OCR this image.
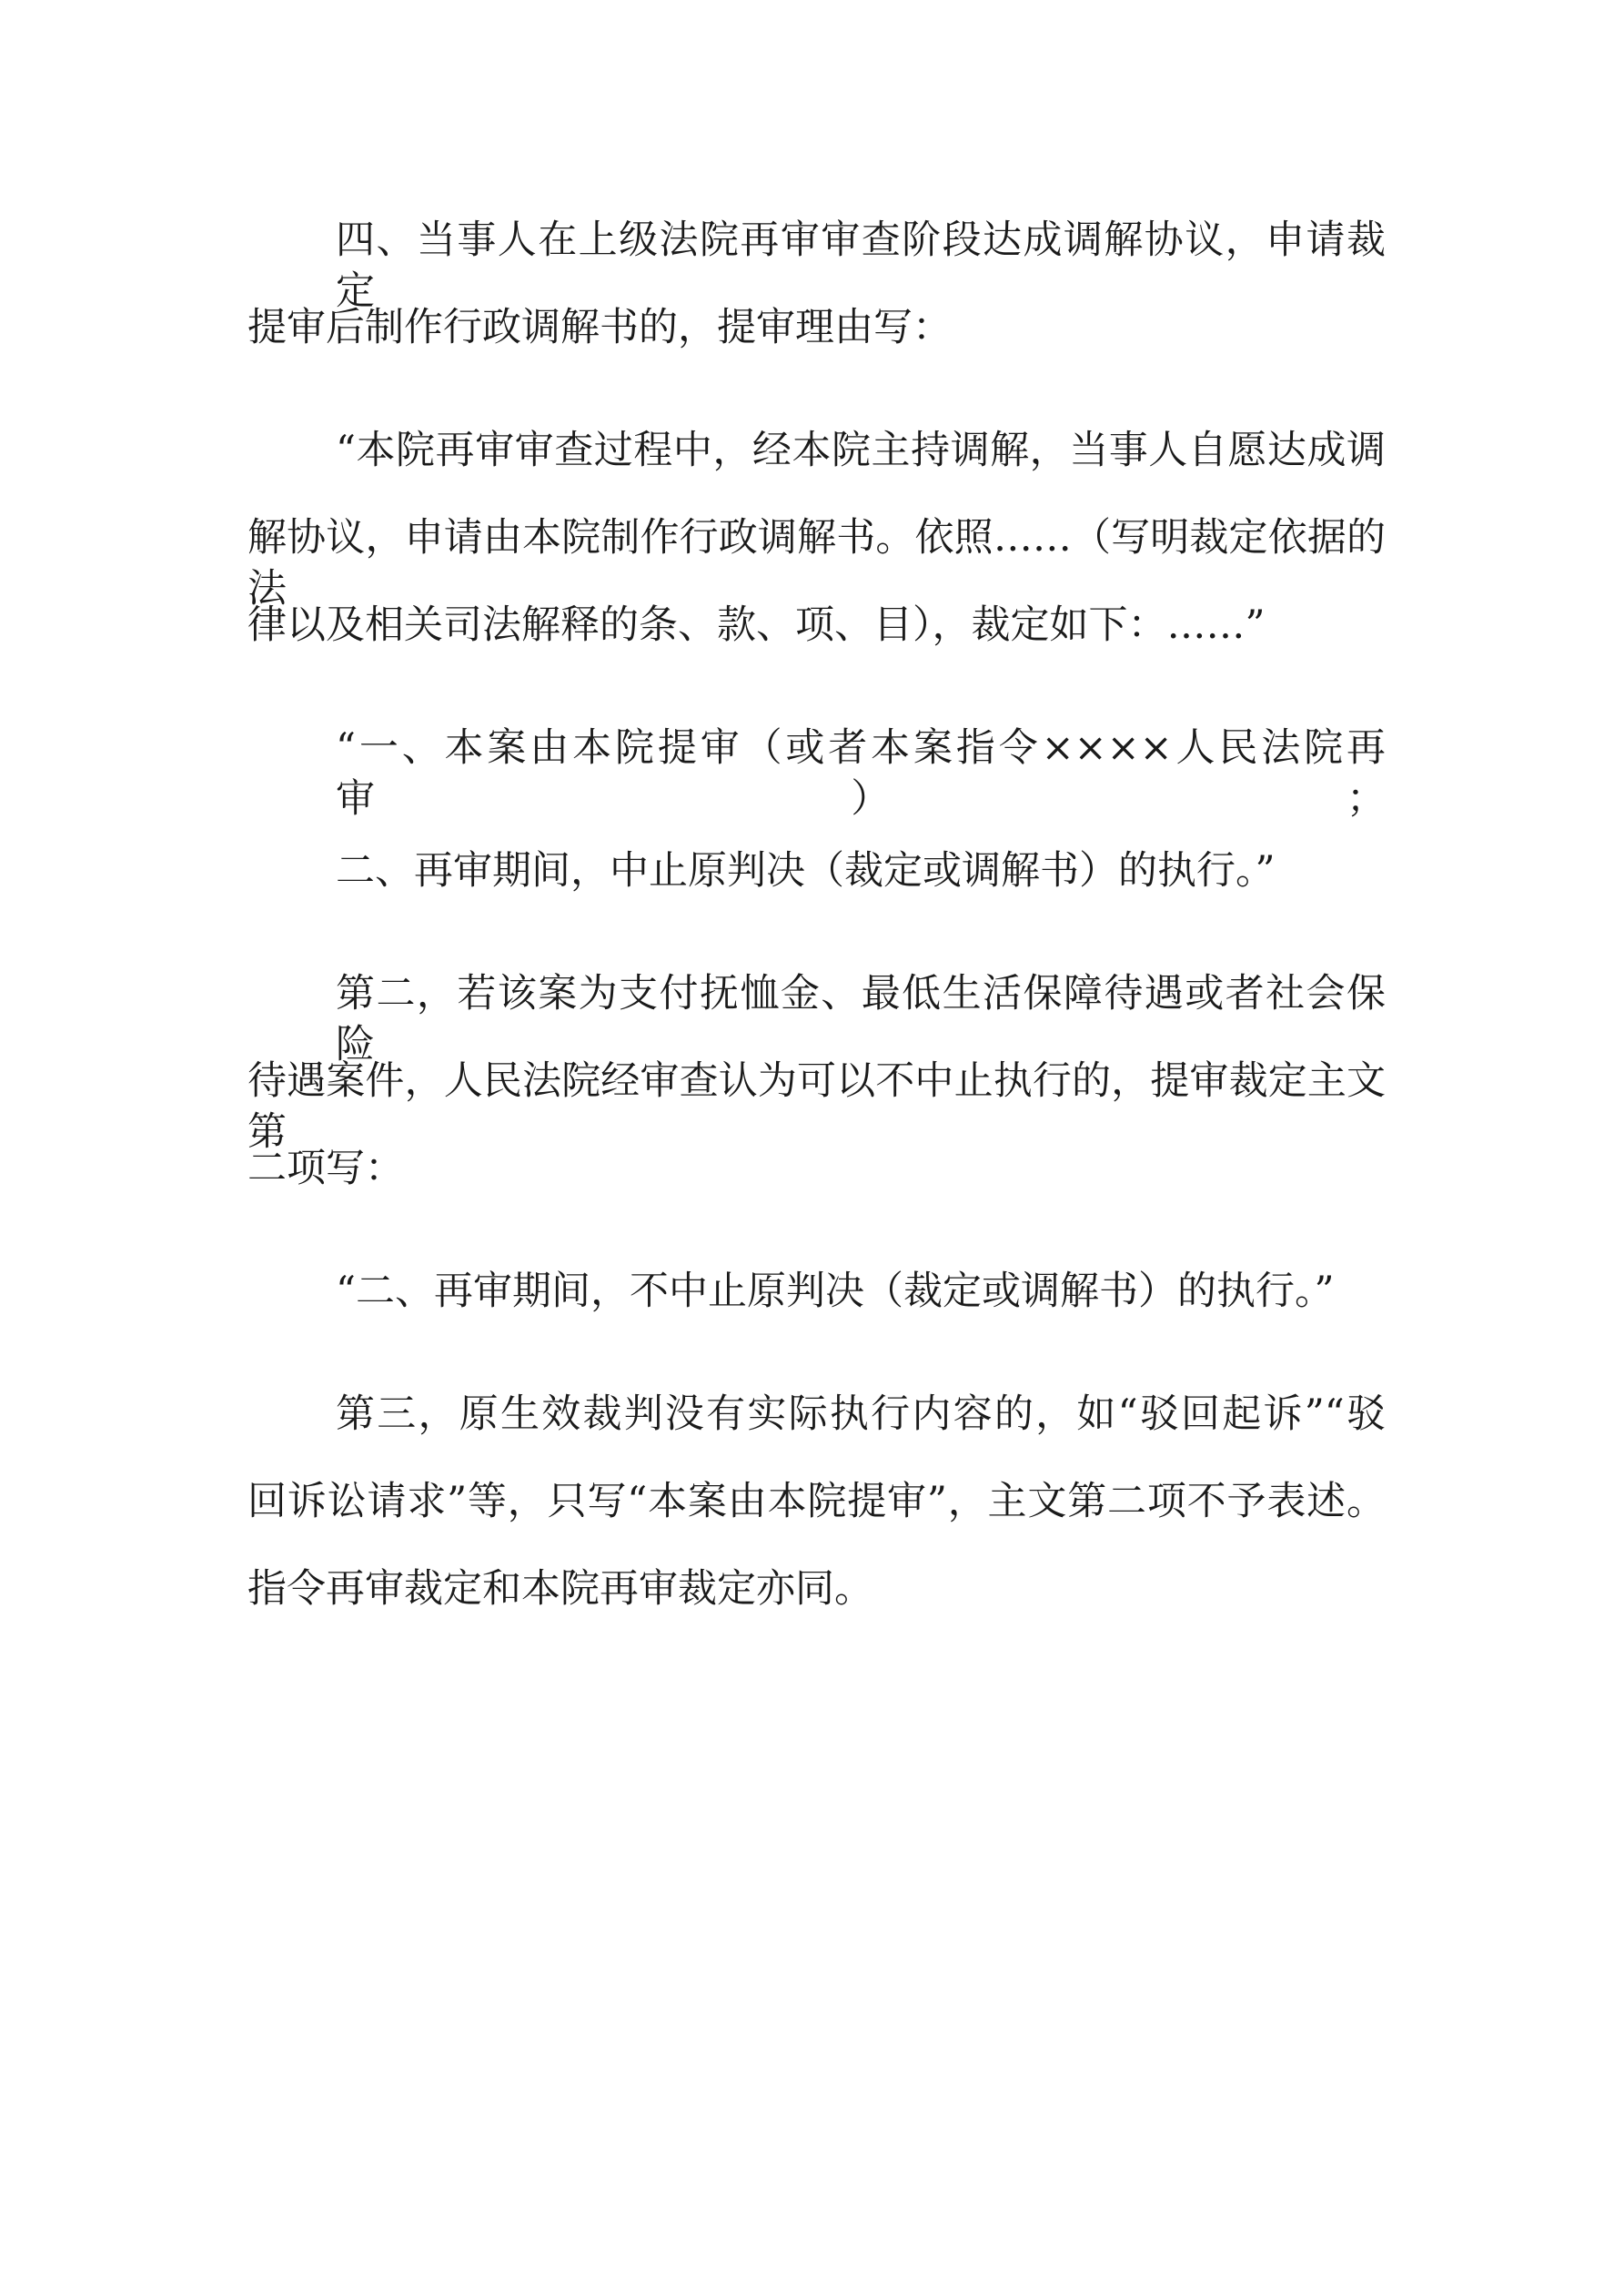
四、当事人在上级法院再审审查阶段达成调解协议，申请裁定

提审后制作行政调解书的，提审理由写：

“本院再审审查过程中，经本院主持调解，当事人自愿达成调

解协议，申请由本院制作行政调解书。依照……（写明裁定依据的法

律以及相关司法解释的条、款、项、目），裁定如下：……”

“一、本案由本院提审（或者本案指令××××人民法院再审）；

二、再审期间，中止原判决（裁定或调解书）的执行。”

第二，若该案为支付抚恤金、最低生活保障待遇或者社会保险

待遇案件，人民法院经审查认为可以不中止执行的，提审裁定主文第

二项写：

“二、再审期间，不中止原判决（裁定或调解书）的执行。”

第三，原生效裁判没有实际执行内容的，如“驳回起诉”“驳

回诉讼请求”等，只写“本案由本院提审”，主文第二项不予表述。

指令再审裁定和本院再审裁定亦同。
